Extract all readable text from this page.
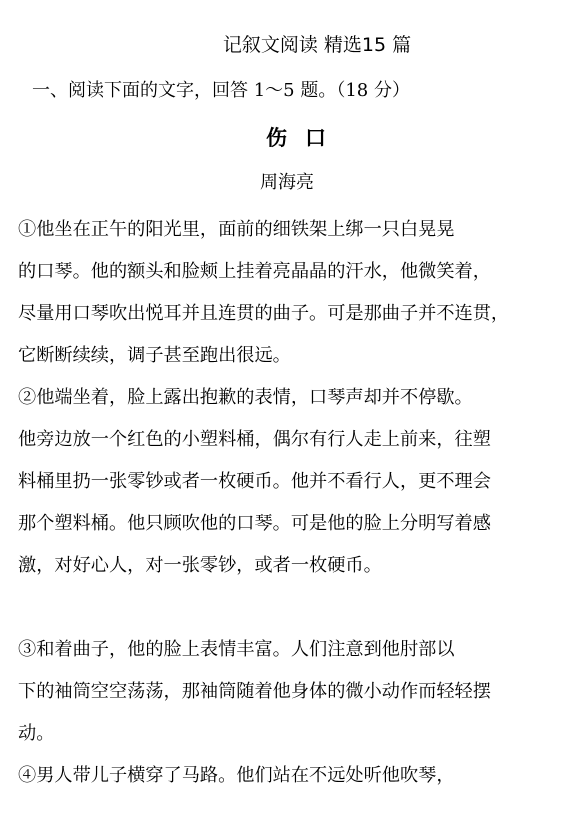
记叙文阅读 精选15 篇
一、阅读下面的文字，回答 1～5 题。（18 分）
伤口
周海亮

①他坐在正午的阳光里，面前的细铁架上绑一只白晃晃
的口琴。他的额头和脸颊上挂着亮晶晶的汗水，他微笑着，
尽量用口琴吹出悦耳并且连贯的曲子。可是那曲子并不连贯，
它断断续续，调子甚至跑出很远。

②他端坐着，脸上露出抱歉的表情，口琴声却并不停歇。
他旁边放一个红色的小塑料桶，偶尔有行人走上前来，往塑
料桶里扔一张零钞或者一枚硬币。他并不看行人，更不理会
那个塑料桶。他只顾吹他的口琴。可是他的脸上分明写着感
激，对好心人，对一张零钞，或者一枚硬币。

③和着曲子，他的脸上表情丰富。人们注意到他肘部以
下的袖筒空空荡荡，那袖筒随着他身体的微小动作而轻轻摆
动。

④男人带儿子横穿了马路。他们站在不远处听他吹琴，
